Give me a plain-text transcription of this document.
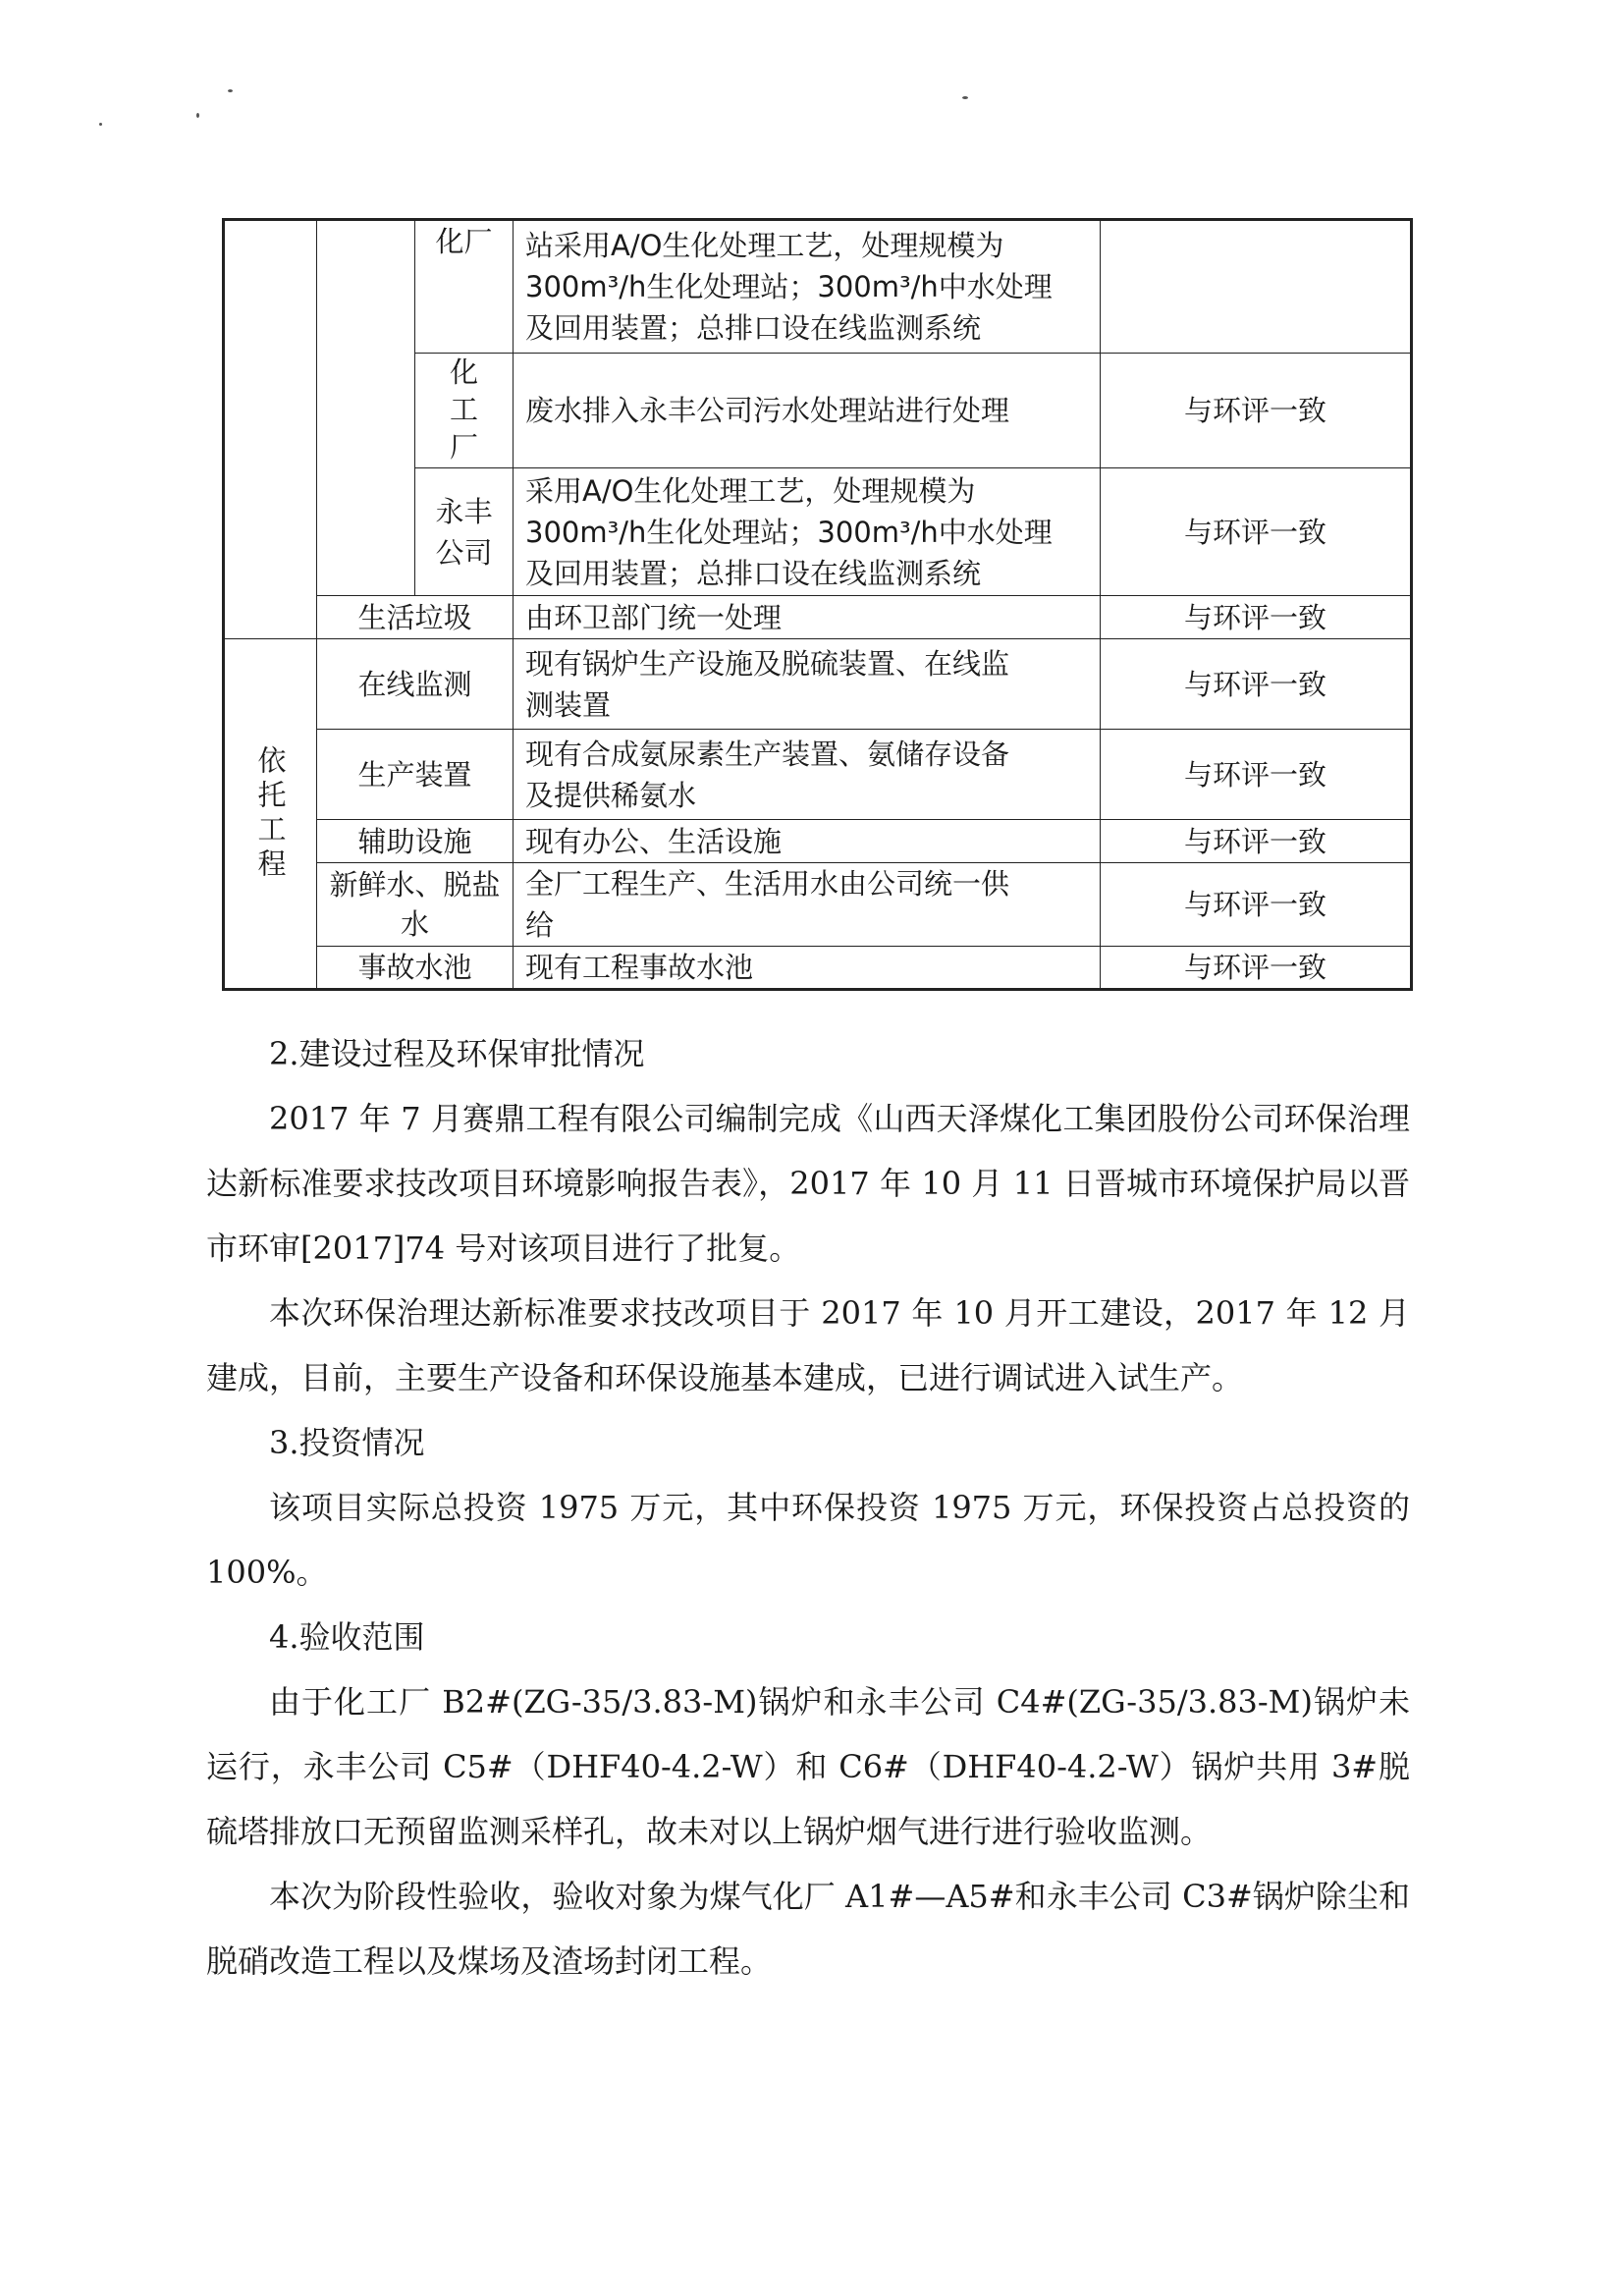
		化厂	站采用A/O生化处理工艺，处理规模为
300m³/h生化处理站；300m³/h中水处理
及回用装置；总排口设在线监测系统	

		化工厂	废水排入永丰公司污水处理站进行处理	与环评一致
		永丰公司	采用A/O生化处理工艺，处理规模为
300m³/h生化处理站；300m³/h中水处理
及回用装置；总排口设在线监测系统	与环评一致
	生活垃圾		由环卫部门统一处理	与环评一致

依托工程	在线监测		现有锅炉生产设施及脱硫装置、在线监
测装置	与环评一致
	生产装置		现有合成氨尿素生产装置、氨储存设备
及提供稀氨水	与环评一致
	辅助设施		现有办公、生活设施	与环评一致
	新鲜水、脱盐水		全厂工程生产、生活用水由公司统一供
给	与环评一致
	事故水池		现有工程事故水池	与环评一致

2.建设过程及环保审批情况

2017 年 7 月赛鼎工程有限公司编制完成《山西天泽煤化工集团股份公司环保治理达新标准要求技改项目环境影响报告表》，2017 年 10 月 11 日晋城市环境保护局以晋市环审[2017]74 号对该项目进行了批复。

本次环保治理达新标准要求技改项目于 2017 年 10 月开工建设，2017 年 12 月建成，目前，主要生产设备和环保设施基本建成，已进行调试进入试生产。

3.投资情况

该项目实际总投资 1975 万元，其中环保投资 1975 万元，环保投资占总投资的 100%。

4.验收范围

由于化工厂 B2#(ZG-35/3.83-M)锅炉和永丰公司 C4#(ZG-35/3.83-M)锅炉未运行，永丰公司 C5#（DHF40-4.2-W）和 C6#（DHF40-4.2-W）锅炉共用 3#脱硫塔排放口无预留监测采样孔，故未对以上锅炉烟气进行进行验收监测。

本次为阶段性验收，验收对象为煤气化厂 A1#—A5#和永丰公司 C3#锅炉除尘和脱硝改造工程以及煤场及渣场封闭工程。
